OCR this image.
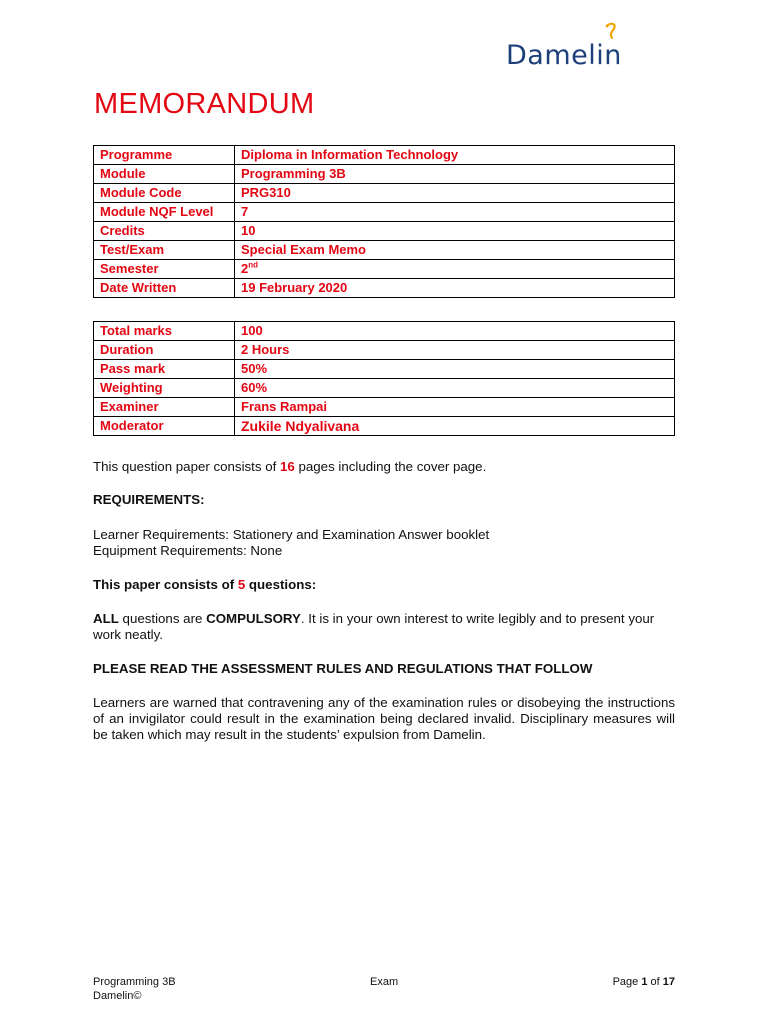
Damelin
MEMORANDUM
Programme	Diploma in Information Technology
Module	Programming 3B
Module Code	PRG310
Module NQF Level	7
Credits	10
Test/Exam	Special Exam Memo
Semester	2nd
Date Written	19 February 2020
Total marks	100
Duration	2 Hours
Pass mark	50%
Weighting	60%
Examiner	Frans Rampai
Moderator	Zukile Ndyalivana

This question paper consists of 16 pages including the cover page.

REQUIREMENTS:

Learner Requirements: Stationery and Examination Answer booklet

Equipment Requirements: None

This paper consists of 5 questions:

ALL questions are COMPULSORY. It is in your own interest to write legibly and to present your work neatly.

PLEASE READ THE ASSESSMENT RULES AND REGULATIONS THAT FOLLOW

Learners are warned that contravening any of the examination rules or disobeying the instructions of an invigilator could result in the examination being declared invalid. Disciplinary measures will be taken which may result in the students’ expulsion from Damelin.

Programming 3B
Damelin©
Exam	Page 1 of 17
